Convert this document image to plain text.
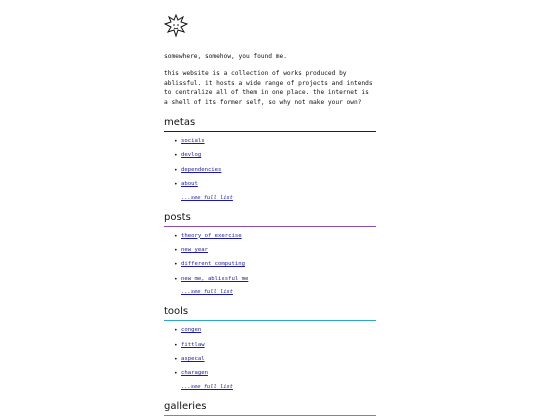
somewhere, somehow, you found me.

this website is a collection of works produced by ablissful. it hosts a wide range of projects and intends to centralize all of them in one place. the internet is a shell of its former self, so why not make your own?

metas
• socials
• devlog
• dependencies
• about
...see full list
posts
• theory of exercise
• new year
• different computing
• new me, ablissful me
...see full list
tools
• congen
• fittlaw
• aspecal
• charagen
...see full list
galleries
